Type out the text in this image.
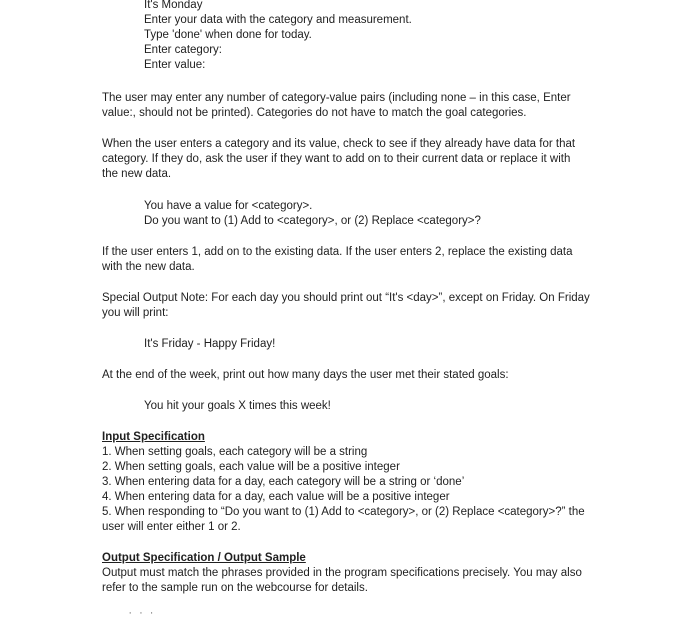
It's Monday
Enter your data with the category and measurement.
Type 'done' when done for today.
Enter category:
Enter value:
The user may enter any number of category-value pairs (including none – in this case, Enter
value:, should not be printed). Categories do not have to match the goal categories.
When the user enters a category and its value, check to see if they already have data for that
category. If they do, ask the user if they want to add on to their current data or replace it with
the new data.
You have a value for <category>.
Do you want to (1) Add to <category>, or (2) Replace <category>?
If the user enters 1, add on to the existing data. If the user enters 2, replace the existing data
with the new data.
Special Output Note: For each day you should print out “It's <day>”, except on Friday. On Friday
you will print:
It's Friday - Happy Friday!
At the end of the week, print out how many days the user met their stated goals:
You hit your goals X times this week!
Input Specification
1. When setting goals, each category will be a string
2. When setting goals, each value will be a positive integer
3. When entering data for a day, each category will be a string or ‘done’
4. When entering data for a day, each value will be a positive integer
5. When responding to “Do you want to (1) Add to <category>, or (2) Replace <category>?” the
user will enter either 1 or 2.
Output Specification / Output Sample
Output must match the phrases provided in the program specifications precisely. You may also
refer to the sample run on the webcourse for details.
_ _ · · ·
